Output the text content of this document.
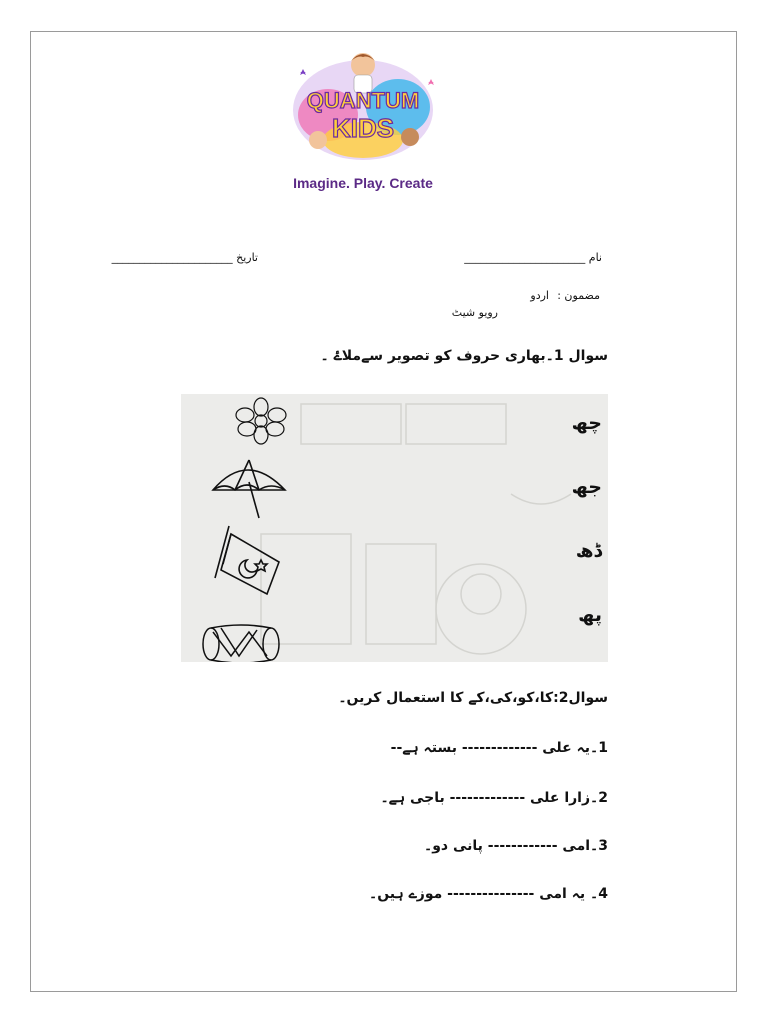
QUANTUM
KIDS
Imagine. Play. Create
نام ______________________
تاریخ ______________________
مضمون :
اردو
رویو شیٹ
سوال 1۔بھاری حروف کو تصویر سےملاۓ ۔
چھ
جھ
ڈھ
پھ
سوال2:کا،کو،کی،کے کا استعمال کریں۔
1۔یہ علی ------------- بستہ ہے--
2۔زارا علی ------------- باجی ہے۔
3۔امی ------------ پانی دو۔
4۔ یہ امی --------------- موزے ہیں۔
